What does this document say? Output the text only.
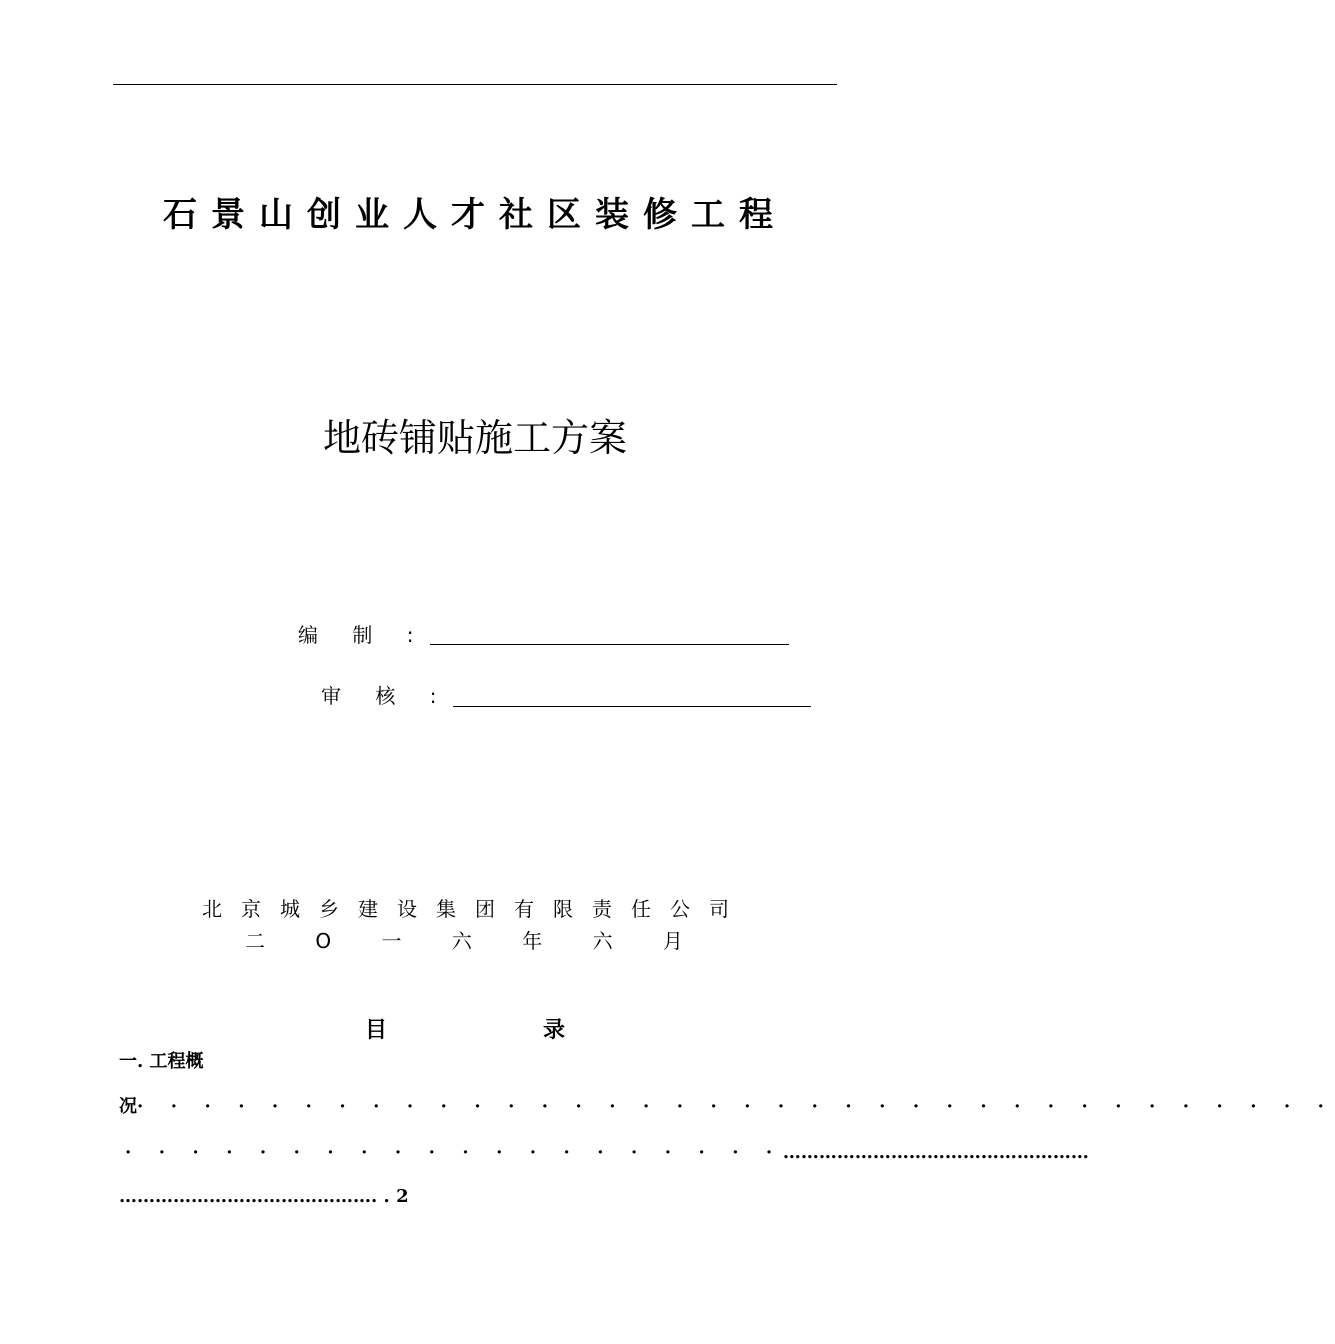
石景山创业人才社区装修工程
地砖铺贴施工方案
编 制 :
审 核 :
北京城乡建设集团有限责任公司
二 O 一 六 年 六 月
目	录
一. 工程概
况· · · · · · · · · · · · · · · · · · · · · · · · · · · · · · · · · · · ·
· · · · · · · · · · · · · · · · · · · ·……………………………………………
……………………………………. . 2
